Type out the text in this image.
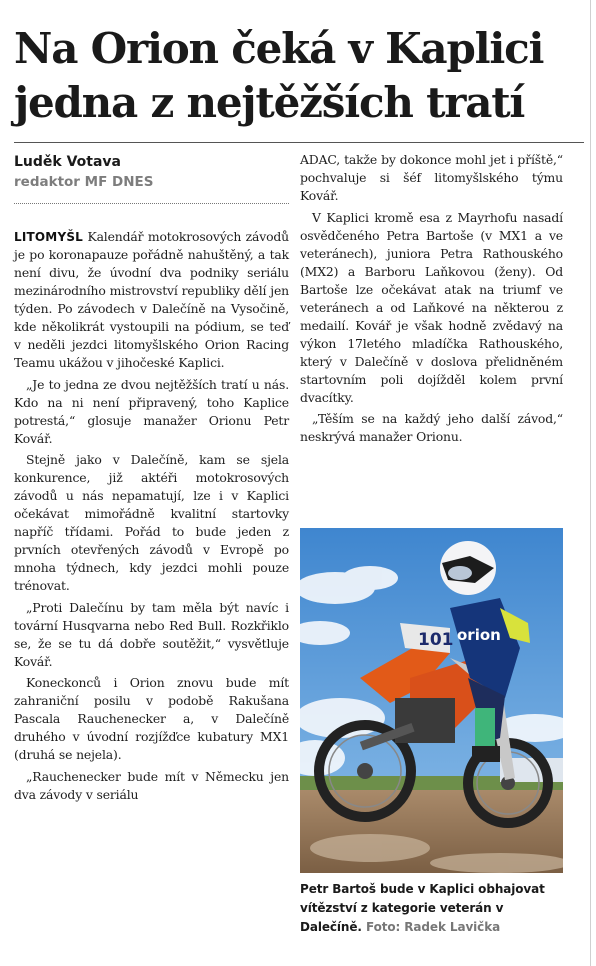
Na Orion čeká v Kaplici
jedna z nejtěžších tratí
Luděk Votava
redaktor MF DNES

LITOMYŠL Kalendář motokrosových závodů je po koronapauze pořádně nahuštěný, a tak není divu, že úvodní dva podniky seriálu mezinárodního mistrovství republiky dělí jen týden. Po závodech v Dalečíně na Vysočině, kde několikrát vystoupili na pódium, se teď v neděli jezdci litomyšlského Orion Racing Teamu ukážou v jihočeské Kaplici.

„Je to jedna ze dvou nejtěžších tratí u nás. Kdo na ni není připravený, toho Kaplice potrestá,“ glosuje manažer Orionu Petr Kovář.

Stejně jako v Dalečíně, kam se sjela konkurence, již aktéři motokrosových závodů u nás nepamatují, lze i v Kaplici očekávat mimořádně kvalitní startovky napříč třídami. Pořád to bude jeden z prvních otevřených závodů v Evropě po mnoha týdnech, kdy jezdci mohli pouze trénovat.

„Proti Dalečínu by tam měla být navíc i tovární Husqvarna nebo Red Bull. Rozkřiklo se, že se tu dá dobře soutěžit,“ vysvětluje Kovář.

Koneckonců i Orion znovu bude mít zahraniční posilu v podobě Rakušana Pascala Rauchenecker a, v Dalečíně druhého v úvodní rozjížďce kubatury MX1 (druhá se nejela).

„Rauchenecker bude mít v Německu jen dva závody v seriálu

ADAC, takže by dokonce mohl jet i příště,“ pochvaluje si šéf litomyšlského týmu Kovář.

V Kaplici kromě esa z Mayrhofu nasadí osvědčeného Petra Bartoše (v MX1 a ve veteránech), juniora Petra Rathouského (MX2) a Barboru Laňkovou (ženy). Od Bartoše lze očekávat atak na triumf ve veteránech a od Laňkové na některou z medailí. Kovář je však hodně zvědavý na výkon 17letého mladíčka Rathouského, který v Dalečíně v doslova přelidněném startovním poli dojížděl kolem první dvacítky.

„Těším se na každý jeho další závod,“ neskrývá manažer Orionu.

101 orion
Petr Bartoš bude v Kaplici obhajovat vítězství z kategorie veterán v Dalečíně. Foto: Radek Lavička
